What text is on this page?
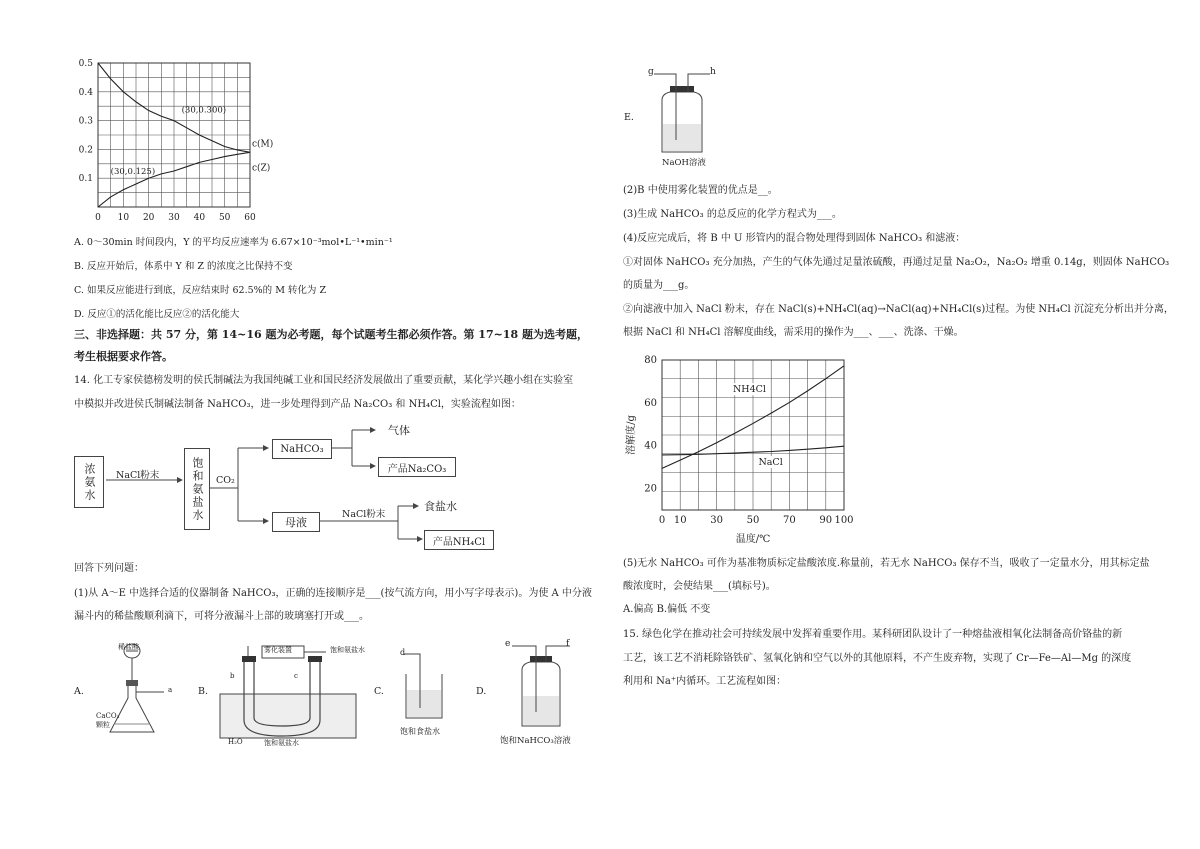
0 10 20 30 40 50 60
0.1
0.2
0.3
0.4
0.5
c(M)
c(Z)
(30,0.300)
(30,0.125)
A. 0～30min 时间段内，Y 的平均反应速率为 6.67×10⁻³mol•L⁻¹•min⁻¹
B. 反应开始后，体系中 Y 和 Z 的浓度之比保持不变
C. 如果反应能进行到底，反应结束时 62.5%的 M 转化为 Z
D. 反应①的活化能比反应②的活化能大
三、非选择题：共 57 分，第 14~16 题为必考题，每个试题考生都必须作答。第 17~18 题为选考题，
考生根据要求作答。
14. 化工专家侯德榜发明的侯氏制碱法为我国纯碱工业和国民经济发展做出了重要贡献，某化学兴趣小组在实验室
中模拟并改进侯氏制碱法制备 NaHCO₃，进一步处理得到产品 Na₂CO₃ 和 NH₄Cl，实验流程如图：
浓氨水	NaCl粉末	饱和氨盐水	CO₂
NaHCO₃
气体
产品Na₂CO₃
母液
NaCl粉末
食盐水
产品NH₄Cl
回答下列问题：
(1)从 A～E 中选择合适的仪器制备 NaHCO₃，正确的连接顺序是___(按气流方向，用小写字母表示)。为使 A 中分液
漏斗内的稀盐酸顺利滴下，可将分液漏斗上部的玻璃塞打开或___。
A.
稀盐酸
a
CaCO₃
颗粒
B.
雾化装置	饱和氨盐水
b	c
H₂O	饱和氨盐水
C.
d
饱和食盐水
D.
e	f
饱和NaHCO₃溶液
E.
g	h
NaOH溶液
(2)B 中使用雾化装置的优点是__。
(3)生成 NaHCO₃ 的总反应的化学方程式为___。
(4)反应完成后，将 B 中 U 形管内的混合物处理得到固体 NaHCO₃ 和滤液：
①对固体 NaHCO₃ 充分加热，产生的气体先通过足量浓硫酸，再通过足量 Na₂O₂，Na₂O₂ 增重 0.14g，则固体 NaHCO₃
的质量为___g。
②向滤液中加入 NaCl 粉末，存在 NaCl(s)+NH₄Cl(aq)→NaCl(aq)+NH₄Cl(s)过程。为使 NH₄Cl 沉淀充分析出并分离，
根据 NaCl 和 NH₄Cl 溶解度曲线，需采用的操作为___、___、洗涤、干燥。
0 10 30 50 70 90 100
20
40
60
80
NH4Cl
NaCl
温度/℃
溶解度/g
(5)无水 NaHCO₃ 可作为基准物质标定盐酸浓度.称量前，若无水 NaHCO₃ 保存不当，吸收了一定量水分，用其标定盐
酸浓度时，会使结果___(填标号)。
A.偏高 B.偏低 不变
15. 绿色化学在推动社会可持续发展中发挥着重要作用。某科研团队设计了一种熔盐液相氧化法制备高价铬盐的新
工艺，该工艺不消耗除铬铁矿、氢氧化钠和空气以外的其他原料，不产生废弃物，实现了 Cr—Fe—Al—Mg 的深度
利用和 Na⁺内循环。工艺流程如图：
